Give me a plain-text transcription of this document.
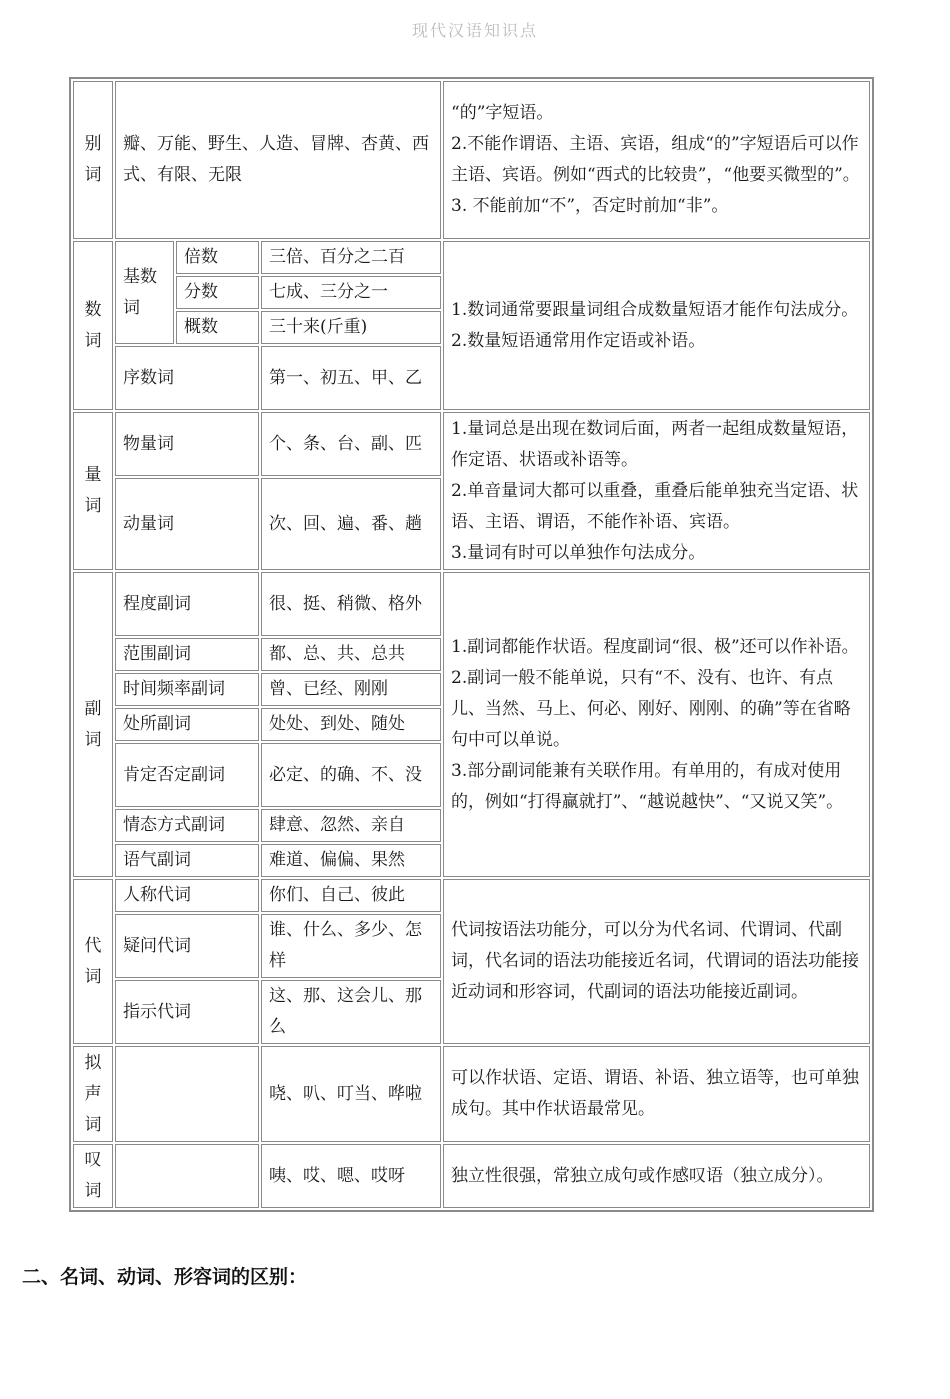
现代汉语知识点
别词	瓣、万能、野生、人造、冒牌、杏黄、西式、有限、无限			“的”字短语。
2.不能作谓语、主语、宾语，组成“的”字短语后可以作主语、宾语。例如“西式的比较贵”，“他要买微型的”。
3. 不能前加“不”，否定时前加“非”。

数词	基数词	倍数	三倍、百分之二百	1.数词通常要跟量词组合成数量短语才能作句法成分。
2.数量短语通常用作定语或补语。

		分数	七成、三分之一	
		概数	三十来(斤重)	
	序数词		第一、初五、甲、乙	
量词	物量词		个、条、台、副、匹	1.量词总是出现在数词后面，两者一起组成数量短语，作定语、状语或补语等。
2.单音量词大都可以重叠，重叠后能单独充当定语、状语、主语、谓语，不能作补语、宾语。
3.量词有时可以单独作句法成分。

	动量词		次、回、遍、番、趟	
副词	程度副词		很、挺、稍微、格外	1.副词都能作状语。程度副词“很、极”还可以作补语。
2.副词一般不能单说，只有“不、没有、也许、有点儿、当然、马上、何必、刚好、刚刚、的确”等在省略句中可以单说。
3.部分副词能兼有关联作用。有单用的，有成对使用的，例如“打得赢就打”、“越说越快”、“又说又笑”。

	范围副词		都、总、共、总共	
	时间频率副词		曾、已经、刚刚	
	处所副词		处处、到处、随处	
	肯定否定副词		必定、的确、不、没	
	情态方式副词		肆意、忽然、亲自	
	语气副词		难道、偏偏、果然	
代词	人称代词		你们、自己、彼此	代词按语法功能分，可以分为代名词、代谓词、代副词，代名词的语法功能接近名词，代谓词的语法功能接近动词和形容词，代副词的语法功能接近副词。

	疑问代词		谁、什么、多少、怎样	
	指示代词		这、那、这会儿、那么	
拟声词			哓、叭、叮当、哗啦	可以作状语、定语、谓语、补语、独立语等，也可单独成句。其中作状语最常见。

叹词			咦、哎、嗯、哎呀	独立性很强，常独立成句或作感叹语（独立成分）。
二、名词、动词、形容词的区别：
